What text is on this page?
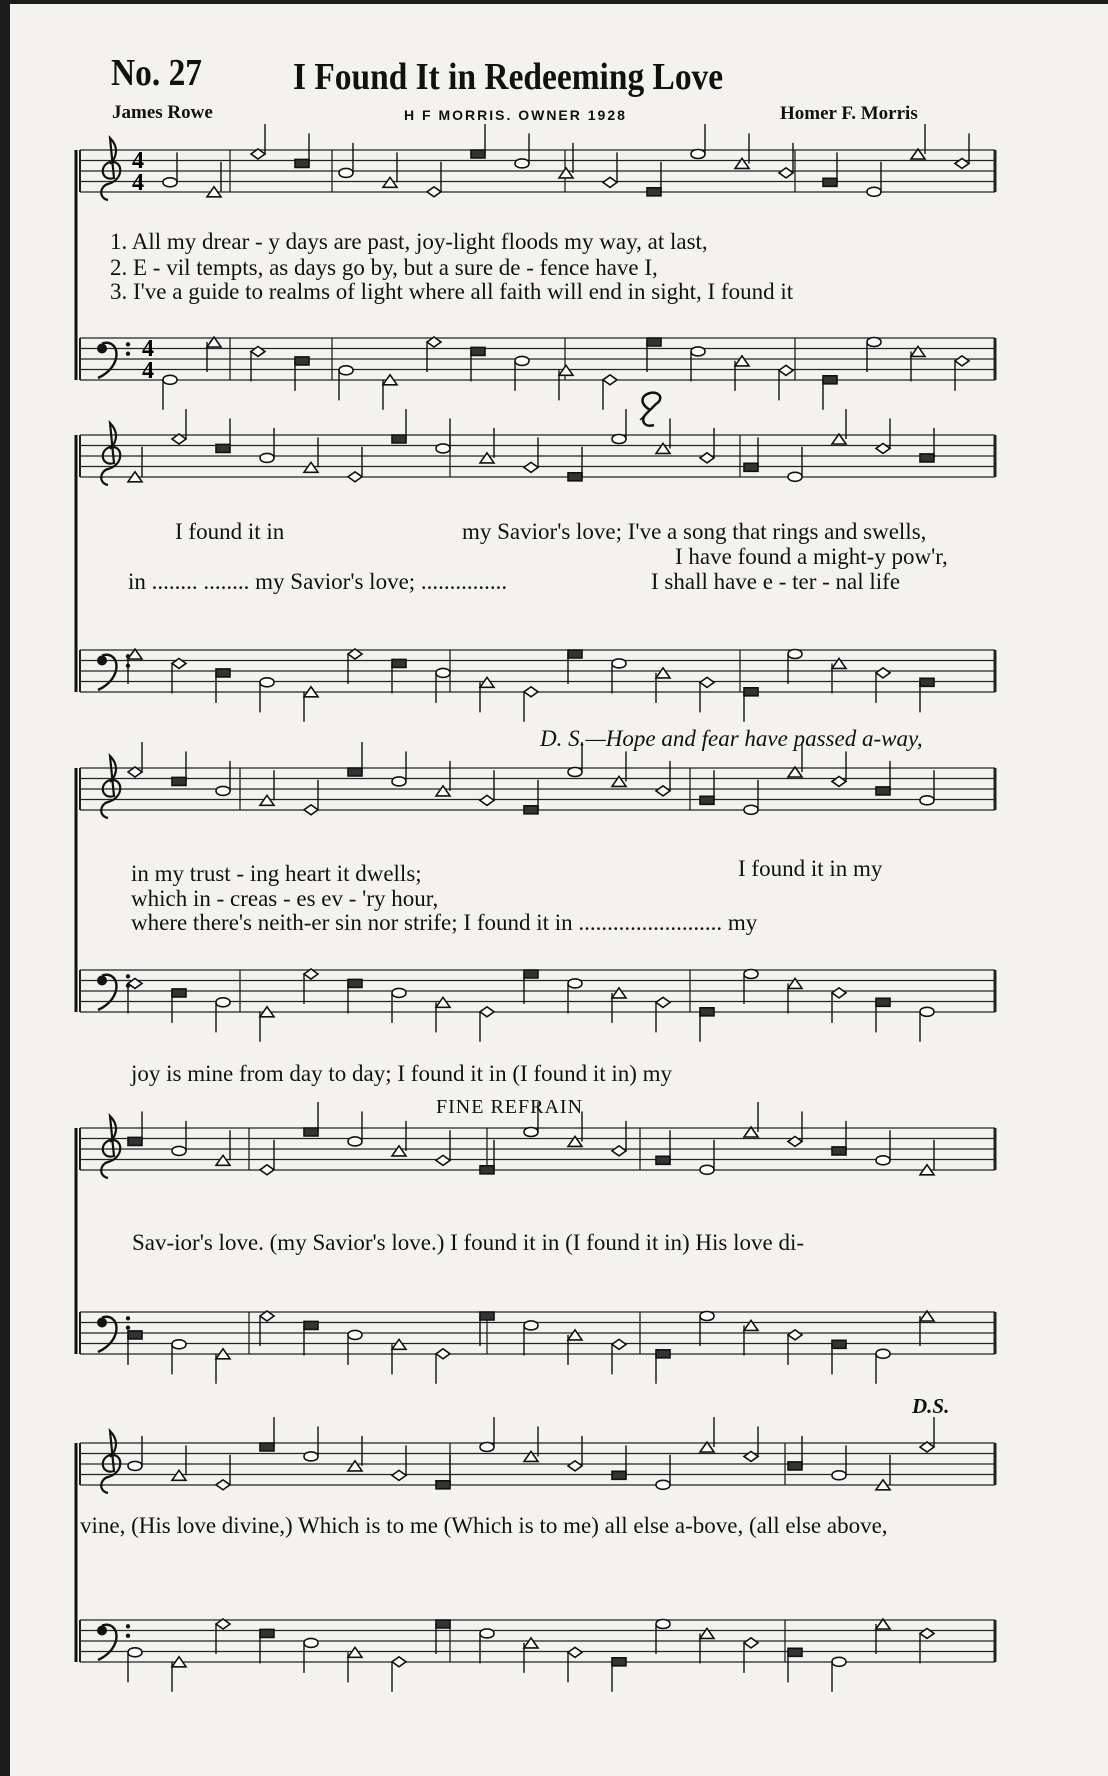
No. 27 I Found It in Redeeming Love
James Rowe	H F MORRIS. OWNER 1928	Homer F. Morris
4
4
4
4
1. All my drear - y days are past, joy-light floods my way, at last,
2. E - vil tempts, as days go by, but a sure de - fence have I,
3. I've a guide to realms of light where all faith will end in sight, I found it
I found it in	my Savior's love; I've a song that rings and swells,
I have found a might-y pow'r,
in ........ ........ my Savior's love; ...............	I shall have e - ter - nal life
D. S.—Hope and fear have passed a-way,
in my trust - ing heart it dwells;	I found it in my
which in - creas - es ev - 'ry hour,
where there's neith-er sin nor strife; I found it in ......................... my
joy is mine from day to day; I found it in (I found it in) my
FINE REFRAIN
Sav-ior's love. (my Savior's love.) I found it in (I found it in) His love di-
D.S.
vine, (His love divine,) Which is to me (Which is to me) all else a-bove, (all else above,
